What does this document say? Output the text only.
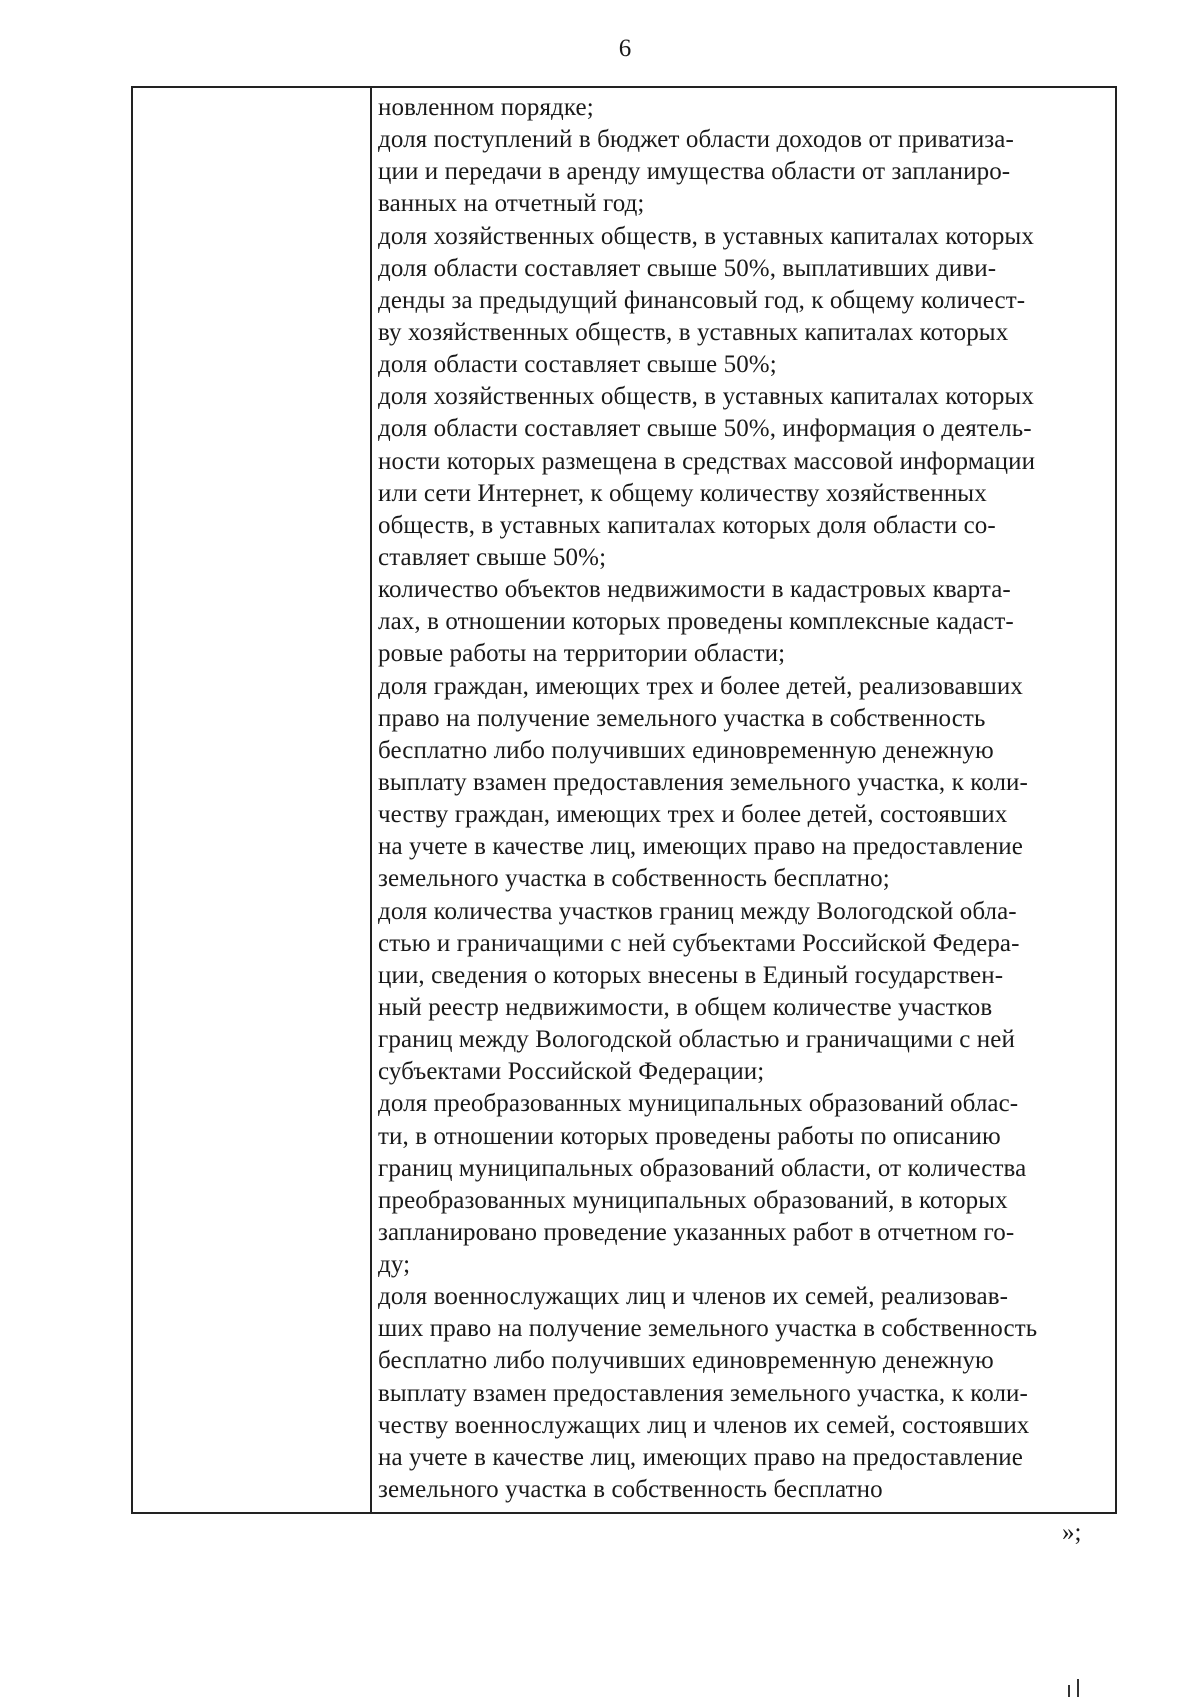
6
новленном порядке;
доля поступлений в бюджет области доходов от приватиза-
ции и передачи в аренду имущества области от запланиро-
ванных на отчетный год;
доля хозяйственных обществ, в уставных капиталах которых
доля области составляет свыше 50%, выплативших диви-
денды за предыдущий финансовый год, к общему количест-
ву хозяйственных обществ, в уставных капиталах которых
доля области составляет свыше 50%;
доля хозяйственных обществ, в уставных капиталах которых
доля области составляет свыше 50%, информация о деятель-
ности которых размещена в средствах массовой информации
или сети Интернет, к общему количеству хозяйственных
обществ, в уставных капиталах которых доля области со-
ставляет свыше 50%;
количество объектов недвижимости в кадастровых кварта-
лах, в отношении которых проведены комплексные кадаст-
ровые работы на территории области;
доля граждан, имеющих трех и более детей, реализовавших
право на получение земельного участка в собственность
бесплатно либо получивших единовременную денежную
выплату взамен предоставления земельного участка, к коли-
честву граждан, имеющих трех и более детей, состоявших
на учете в качестве лиц, имеющих право на предоставление
земельного участка в собственность бесплатно;
доля количества участков границ между Вологодской обла-
стью и граничащими с ней субъектами Российской Федера-
ции, сведения о которых внесены в Единый государствен-
ный реестр недвижимости, в общем количестве участков
границ между Вологодской областью и граничащими с ней
субъектами Российской Федерации;
доля преобразованных муниципальных образований облас-
ти, в отношении которых проведены работы по описанию
границ муниципальных образований области, от количества
преобразованных муниципальных образований, в которых
запланировано проведение указанных работ в отчетном го-
ду;
доля военнослужащих лиц и членов их семей, реализовав-
ших право на получение земельного участка в собственность
бесплатно либо получивших единовременную денежную
выплату взамен предоставления земельного участка, к коли-
честву военнослужащих лиц и членов их семей, состоявших
на учете в качестве лиц, имеющих право на предоставление
земельного участка в собственность бесплатно
»;
